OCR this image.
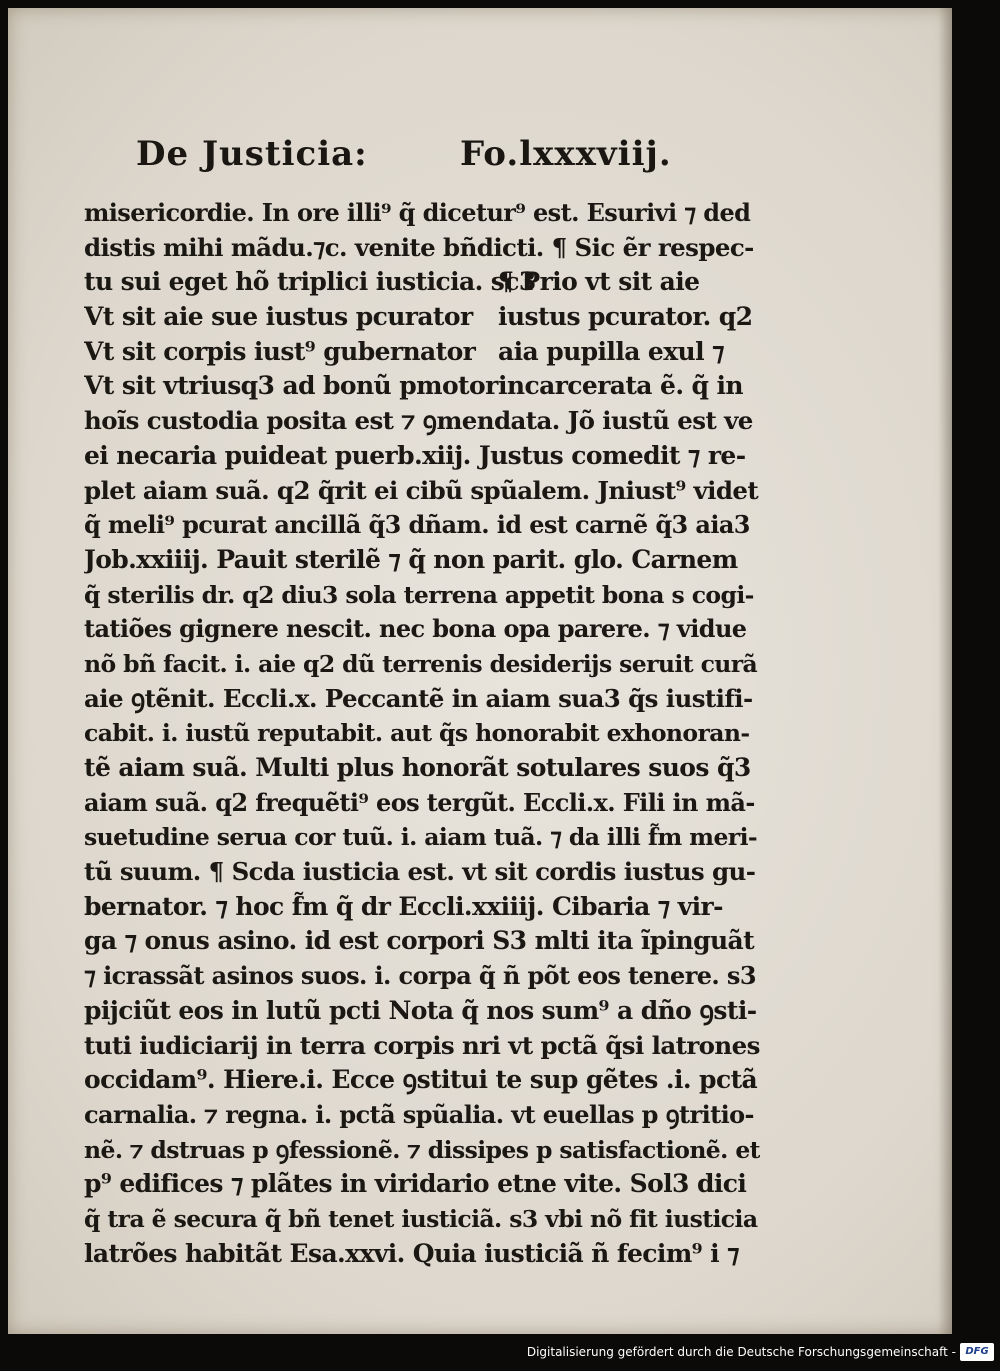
De Justicia:	Fo.lxxxviij.
misericordie. In ore illi⁹ q̃ dicetur⁹ est. Esurivi ⁊ ded
distis mihi mãdu.⁊c. venite bñdicti. ¶ Sic ẽr respec-
tu sui eget hõ triplici iusticia. sc3¶ Prio vt sit aie
Vt sit aie sue iustus pcurator iustus pcurator. q2
Vt sit corpis iust⁹ gubernator aia pupilla exul ⁊
Vt sit vtriusq3 ad bonũ pmotorincarcerata ẽ. q̃ in
hoĩs custodia posita est ⁊ ꝯmendata. Jõ iustũ est ve
ei necaria puideat puerb.xiij. Justus comedit ⁊ re-
plet aiam suã. q2 q̃rit ei cibũ spũalem. Jniust⁹ videt
q̃ meli⁹ pcurat ancillã q̃3 dñam. id est carnẽ q̃3 aia3
Job.xxiiij. Pauit sterilẽ ⁊ q̃ non parit. glo. Carnem
q̃ sterilis dr. q2 diu3 sola terrena appetit bona s cogi-
tatiões gignere nescit. nec bona opa parere. ⁊ vidue
nõ bñ facit. i. aie q2 dũ terrenis desiderijs seruit curã
aie ꝯtẽnit. Eccli.x. Peccantẽ in aiam sua3 q̃s iustifi-
cabit. i. iustũ reputabit. aut q̃s honorabit exhonoran-
tẽ aiam suã. Multi plus honorãt sotulares suos q̃3
aiam suã. q2 frequẽti⁹ eos tergũt. Eccli.x. Fili in mã-
suetudine serua cor tuũ. i. aiam tuã. ⁊ da illi f̃m meri-
tũ suum. ¶ Scda iusticia est. vt sit cordis iustus gu-
bernator. ⁊ hoc f̃m q̃ dr Eccli.xxiiij. Cibaria ⁊ vir-
ga ⁊ onus asino. id est corpori S3 mlti ita ĩpinguãt
⁊ icrassãt asinos suos. i. corpa q̃ ñ põt eos tenere. s3
pijciũt eos in lutũ pcti Nota q̃ nos sum⁹ a dño ꝯsti-
tuti iudiciarij in terra corpis nri vt pctã q̃si latrones
occidam⁹. Hiere.i. Ecce ꝯstitui te sup gẽtes .i. pctã
carnalia. ⁊ regna. i. pctã spũalia. vt euellas p ꝯtritio-
nẽ. ⁊ dstruas p ꝯfessionẽ. ⁊ dissipes p satisfactionẽ. et
p⁹ edifices ⁊ plãtes in viridario etne vite. Sol3 dici
q̃ tra ẽ secura q̃ bñ tenet iusticiã. s3 vbi nõ fit iusticia
latrões habitãt Esa.xxvi. Quia iusticiã ñ fecim⁹ i ⁊
Digitalisierung gefördert durch die Deutsche Forschungsgemeinschaft - DFG
